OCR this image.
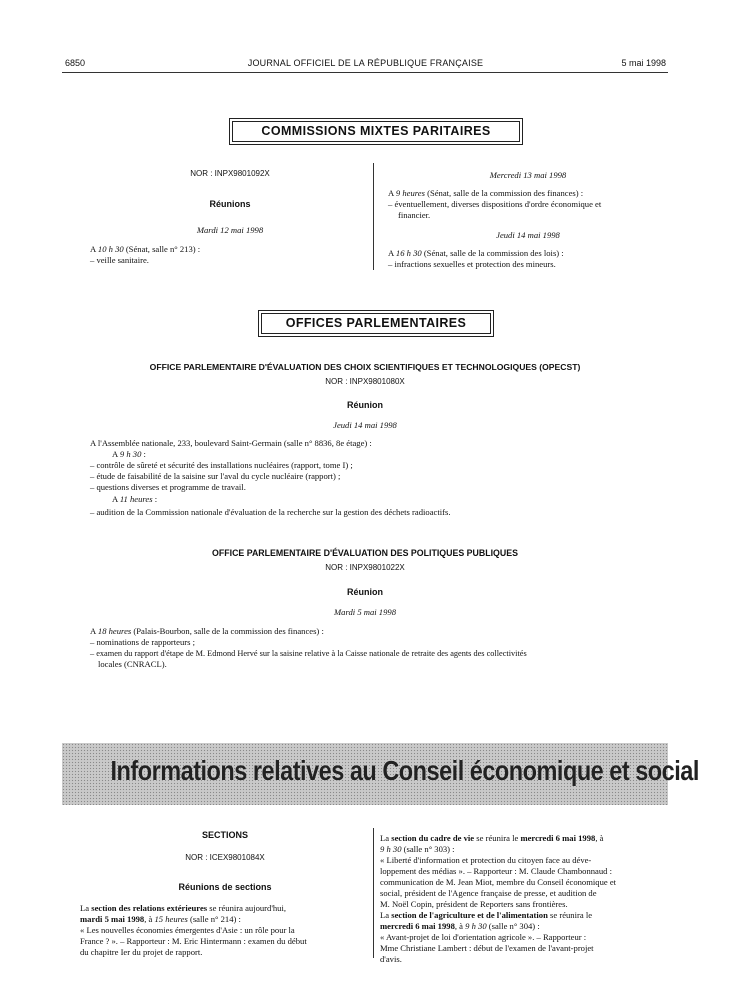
6850	JOURNAL OFFICIEL DE LA RÉPUBLIQUE FRANÇAISE	5 mai 1998
COMMISSIONS MIXTES PARITAIRES
NOR : INPX9801092X
Réunions
Mardi 12 mai 1998
A 10 h 30 (Sénat, salle n° 213) :
– veille sanitaire.
Mercredi 13 mai 1998
A 9 heures (Sénat, salle de la commission des finances) :
– éventuellement, diverses dispositions d'ordre économique et
financier.
Jeudi 14 mai 1998
A 16 h 30 (Sénat, salle de la commission des lois) :
– infractions sexuelles et protection des mineurs.
OFFICES PARLEMENTAIRES
OFFICE PARLEMENTAIRE D'ÉVALUATION DES CHOIX SCIENTIFIQUES ET TECHNOLOGIQUES (OPECST)
NOR : INPX9801080X
Réunion
Jeudi 14 mai 1998
A l'Assemblée nationale, 233, boulevard Saint-Germain (salle n° 8836, 8e étage) :
A 9 h 30 :
– contrôle de sûreté et sécurité des installations nucléaires (rapport, tome I) ;
– étude de faisabilité de la saisine sur l'aval du cycle nucléaire (rapport) ;
– questions diverses et programme de travail.
A 11 heures :
– audition de la Commission nationale d'évaluation de la recherche sur la gestion des déchets radioactifs.
OFFICE PARLEMENTAIRE D'ÉVALUATION DES POLITIQUES PUBLIQUES
NOR : INPX9801022X
Réunion
Mardi 5 mai 1998
A 18 heures (Palais-Bourbon, salle de la commission des finances) :
– nominations de rapporteurs ;
– examen du rapport d'étape de M. Edmond Hervé sur la saisine relative à la Caisse nationale de retraite des agents des collectivités
locales (CNRACL).
Informations relatives au Conseil économique et social
SECTIONS
NOR : ICEX9801084X
Réunions de sections
La section des relations extérieures se réunira aujourd'hui,
mardi 5 mai 1998, à 15 heures (salle n° 214) :
« Les nouvelles économies émergentes d'Asie : un rôle pour la
France ? ». – Rapporteur : M. Eric Hintermann : examen du début
du chapitre Ier du projet de rapport.
La section du cadre de vie se réunira le mercredi 6 mai 1998, à
9 h 30 (salle n° 303) :
« Liberté d'information et protection du citoyen face au déve-
loppement des médias ». – Rapporteur : M. Claude Chambonnaud :
communication de M. Jean Miot, membre du Conseil économique et
social, président de l'Agence française de presse, et audition de
M. Noël Copin, président de Reporters sans frontières.
La section de l'agriculture et de l'alimentation se réunira le
mercredi 6 mai 1998, à 9 h 30 (salle n° 304) :
« Avant-projet de loi d'orientation agricole ». – Rapporteur :
Mme Christiane Lambert : début de l'examen de l'avant-projet
d'avis.
